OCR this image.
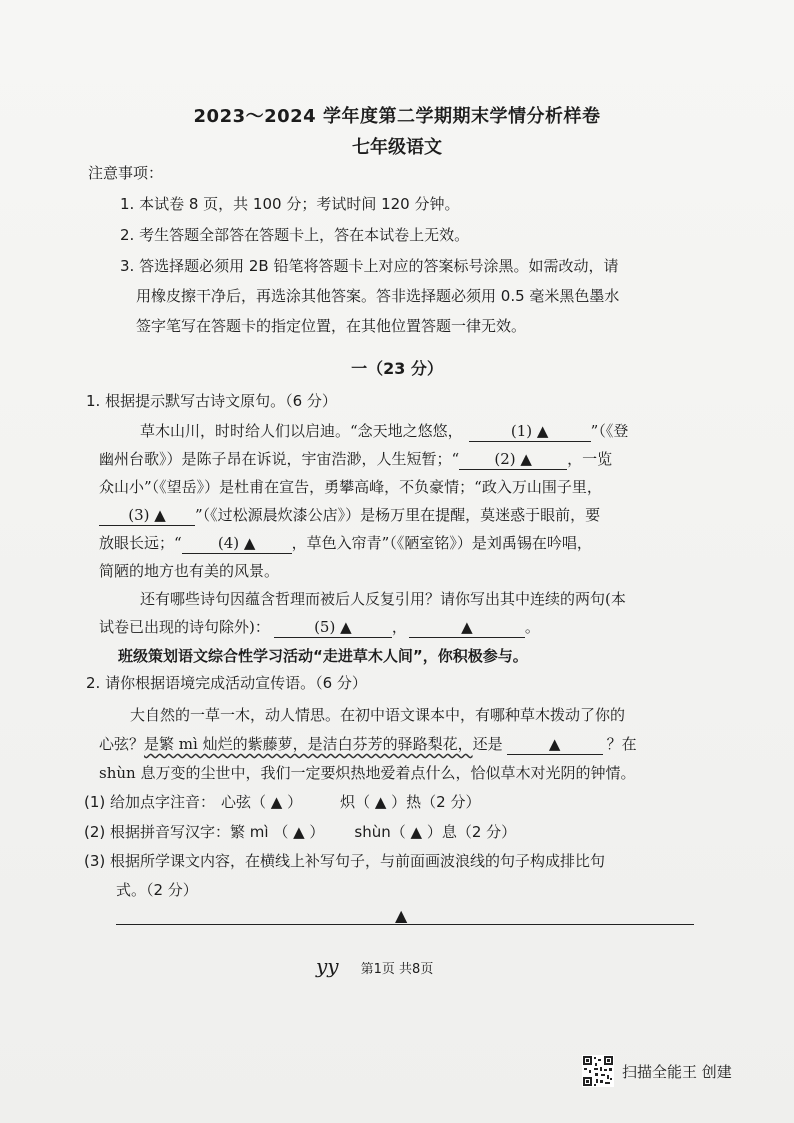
2023～2024 学年度第二学期期末学情分析样卷
七年级语文
注意事项：
1. 本试卷 8 页，共 100 分；考试时间 120 分钟。
2. 考生答题全部答在答题卡上，答在本试卷上无效。
3. 答选择题必须用 2B 铅笔将答题卡上对应的答案标号涂黑。如需改动，请
用橡皮擦干净后，再选涂其他答案。答非选择题必须用 0.5 毫米黑色墨水
签字笔写在答题卡的指定位置，在其他位置答题一律无效。
一（23 分）
1. 根据提示默写古诗文原句。（6 分）
草木山川，时时给人们以启迪。“念天地之悠悠，	(1) ▲	”（《登
幽州台歌》）是陈子昂在诉说，宇宙浩渺，人生短暂；“ (2) ▲ ，一览
众山小”（《望岳》）是杜甫在宣告，勇攀高峰，不负豪情；“政入万山围子里，
(3) ▲ ”（《过松源晨炊漆公店》）是杨万里在提醒，莫迷惑于眼前，要
放眼长远；“ (4) ▲ ，草色入帘青”（《陋室铭》）是刘禹锡在吟唱，
简陋的地方也有美的风景。
还有哪些诗句因蕴含哲理而被后人反复引用？请你写出其中连续的两句(本
试卷已出现的诗句除外)：	(5) ▲	，	▲	。
班级策划语文综合性学习活动“走进草木人间”，你积极参与。
2. 请你根据语境完成活动宣传语。（6 分）
大自然的一草一木，动人情思。在初中语文课本中，有哪种草木拨动了你的
心弦？是繁 mì 灿烂的紫藤萝，是洁白芬芳的驿路梨花，还是	▲	？在
shùn 息万变的尘世中，我们一定要炽热地爱着点什么，恰似草木对光阴的钟情。
(1) 给加点字注音： 心弦（ ▲ ）	炽（ ▲ ）热（2 分）
(2) 根据拼音写汉字：繁 mì （ ▲ ） shùn（ ▲ ）息（2 分）
(3) 根据所学课文内容，在横线上补写句子，与前面画波浪线的句子构成排比句
式。（2 分）
▲
yy	第1页 共8页
扫描全能王 创建
